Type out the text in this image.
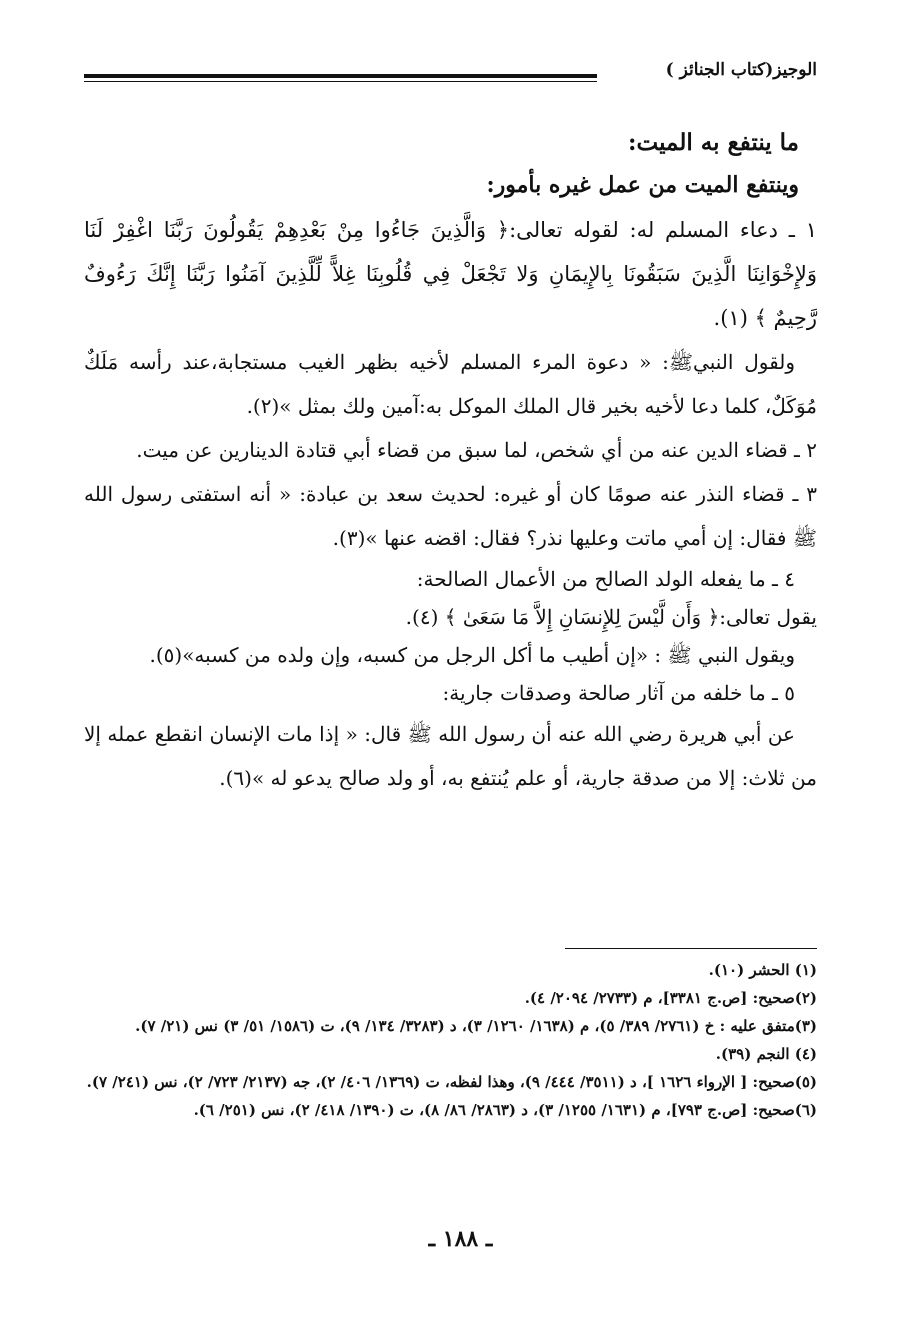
الوجيز(كتاب الجنائز )

ما ينتفع به الميت:

وينتفع الميت من عمل غيره بأمور:

١ ـ دعاء المسلم له: لقوله تعالى:﴿ وَالَّذِينَ جَاءُوا مِنْ بَعْدِهِمْ يَقُولُونَ رَبَّنَا اغْفِرْ لَنَا وَلإِخْوَانِنَا الَّذِينَ سَبَقُونَا بِالإِيمَانِ وَلا تَجْعَلْ فِي قُلُوبِنَا غِلاًّ لِّلَّذِينَ آمَنُوا رَبَّنَا إِنَّكَ رَءُوفٌ رَّحِيمٌ ﴾ (١).

ولقول النبيﷺ: « دعوة المرء المسلم لأخيه بظهر الغيب مستجابة،عند رأسه مَلَكٌ مُوَكَلٌ، كلما دعا لأخيه بخير قال الملك الموكل به:آمين ولك بمثل »(٢).

٢ ـ قضاء الدين عنه من أي شخص، لما سبق من قضاء أبي قتادة الدينارين عن ميت.

٣ ـ قضاء النذر عنه صومًا كان أو غيره: لحديث سعد بن عبادة: « أنه استفتى رسول الله ﷺ فقال: إن أمي ماتت وعليها نذر؟ فقال: اقضه عنها »(٣).

٤ ـ ما يفعله الولد الصالح من الأعمال الصالحة:

يقول تعالى:﴿ وَأَن لَّيْسَ لِلإِنسَانِ إِلاَّ مَا سَعَىٰ ﴾ (٤).

ويقول النبي ﷺ : «إن أطيب ما أكل الرجل من كسبه، وإن ولده من كسبه»(٥).

٥ ـ ما خلفه من آثار صالحة وصدقات جارية:

عن أبي هريرة رضي الله عنه أن رسول الله ﷺ قال: « إذا مات الإنسان انقطع عمله إلا من ثلاث: إلا من صدقة جارية، أو علم يُنتفع به، أو ولد صالح يدعو له »(٦).

(١) الحشر (١٠).
(٢)صحيح: [ص.ج ٣٣٨١]، م (٢٧٣٣/ ٢٠٩٤/ ٤).
(٣)متفق عليه : خ (٢٧٦١/ ٣٨٩/ ٥)، م (١٦٣٨/ ١٢٦٠/ ٣)، د (٣٢٨٣/ ١٣٤/ ٩)، ت (١٥٨٦/ ٥١/ ٣) نس (٢١/ ٧).
(٤) النجم (٣٩).
(٥)صحيح: [ الإرواء ١٦٢٦ ]، د (٣٥١١/ ٤٤٤/ ٩)، وهذا لفظه، ت (١٣٦٩/ ٤٠٦/ ٢)، جه (٢١٣٧/ ٧٢٣/ ٢)، نس (٢٤١/ ٧).
(٦)صحيح: [ص.ج ٧٩٣]، م (١٦٣١/ ١٢٥٥/ ٣)، د (٢٨٦٣/ ٨٦/ ٨)، ت (١٣٩٠/ ٤١٨/ ٢)، نس (٢٥١/ ٦).
ـ ١٨٨ ـ
